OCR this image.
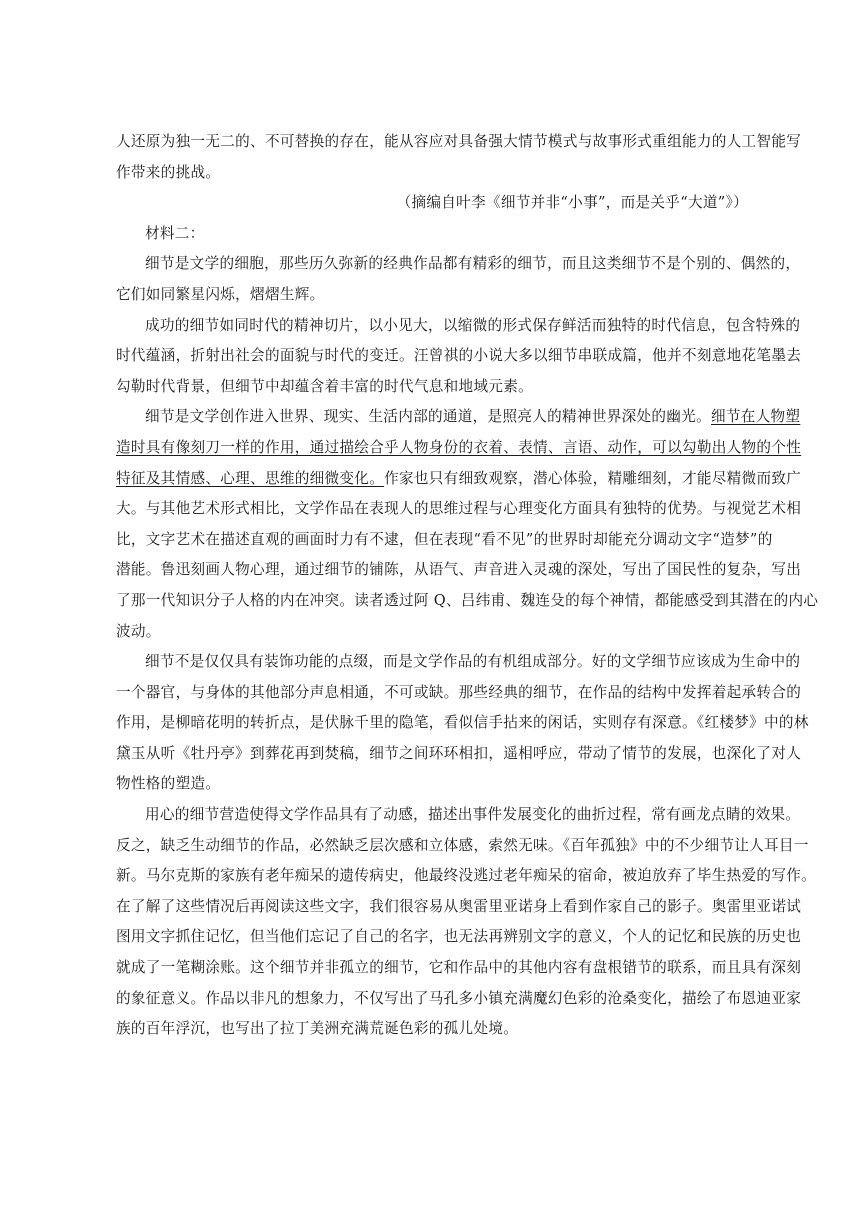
人还原为独一无二的、不可替换的存在，能从容应对具备强大情节模式与故事形式重组能力的人工智能写
作带来的挑战。
（摘编自叶李《细节并非“小事”，而是关乎“大道”》）
材料二：
细节是文学的细胞，那些历久弥新的经典作品都有精彩的细节，而且这类细节不是个别的、偶然的，
它们如同繁星闪烁，熠熠生辉。
成功的细节如同时代的精神切片，以小见大，以缩微的形式保存鲜活而独特的时代信息，包含特殊的
时代蕴涵，折射出社会的面貌与时代的变迁。汪曾祺的小说大多以细节串联成篇，他并不刻意地花笔墨去
勾勒时代背景，但细节中却蕴含着丰富的时代气息和地域元素。
细节是文学创作进入世界、现实、生活内部的通道，是照亮人的精神世界深处的幽光。细节在人物塑
造时具有像刻刀一样的作用，通过描绘合乎人物身份的衣着、表情、言语、动作，可以勾勒出人物的个性
特征及其情感、心理、思维的细微变化。作家也只有细致观察，潜心体验，精雕细刻，才能尽精微而致广
大。与其他艺术形式相比，文学作品在表现人的思维过程与心理变化方面具有独特的优势。与视觉艺术相
比，文字艺术在描述直观的画面时力有不逮，但在表现“看不见”的世界时却能充分调动文字“造梦”的
潜能。鲁迅刻画人物心理，通过细节的铺陈，从语气、声音进入灵魂的深处，写出了国民性的复杂，写出
了那一代知识分子人格的内在冲突。读者透过阿 Q、吕纬甫、魏连殳的每个神情，都能感受到其潜在的内心
波动。
细节不是仅仅具有装饰功能的点缀，而是文学作品的有机组成部分。好的文学细节应该成为生命中的
一个器官，与身体的其他部分声息相通，不可或缺。那些经典的细节，在作品的结构中发挥着起承转合的
作用，是柳暗花明的转折点，是伏脉千里的隐笔，看似信手拈来的闲话，实则存有深意。《红楼梦》中的林
黛玉从听《牡丹亭》到葬花再到焚稿，细节之间环环相扣，遥相呼应，带动了情节的发展，也深化了对人
物性格的塑造。
用心的细节营造使得文学作品具有了动感，描述出事件发展变化的曲折过程，常有画龙点睛的效果。
反之，缺乏生动细节的作品，必然缺乏层次感和立体感，索然无味。《百年孤独》中的不少细节让人耳目一
新。马尔克斯的家族有老年痴呆的遗传病史，他最终没逃过老年痴呆的宿命，被迫放弃了毕生热爱的写作。
在了解了这些情况后再阅读这些文字，我们很容易从奥雷里亚诺身上看到作家自己的影子。奥雷里亚诺试
图用文字抓住记忆，但当他们忘记了自己的名字，也无法再辨别文字的意义，个人的记忆和民族的历史也
就成了一笔糊涂账。这个细节并非孤立的细节，它和作品中的其他内容有盘根错节的联系，而且具有深刻
的象征意义。作品以非凡的想象力，不仅写出了马孔多小镇充满魔幻色彩的沧桑变化，描绘了布恩迪亚家
族的百年浮沉，也写出了拉丁美洲充满荒诞色彩的孤儿处境。
